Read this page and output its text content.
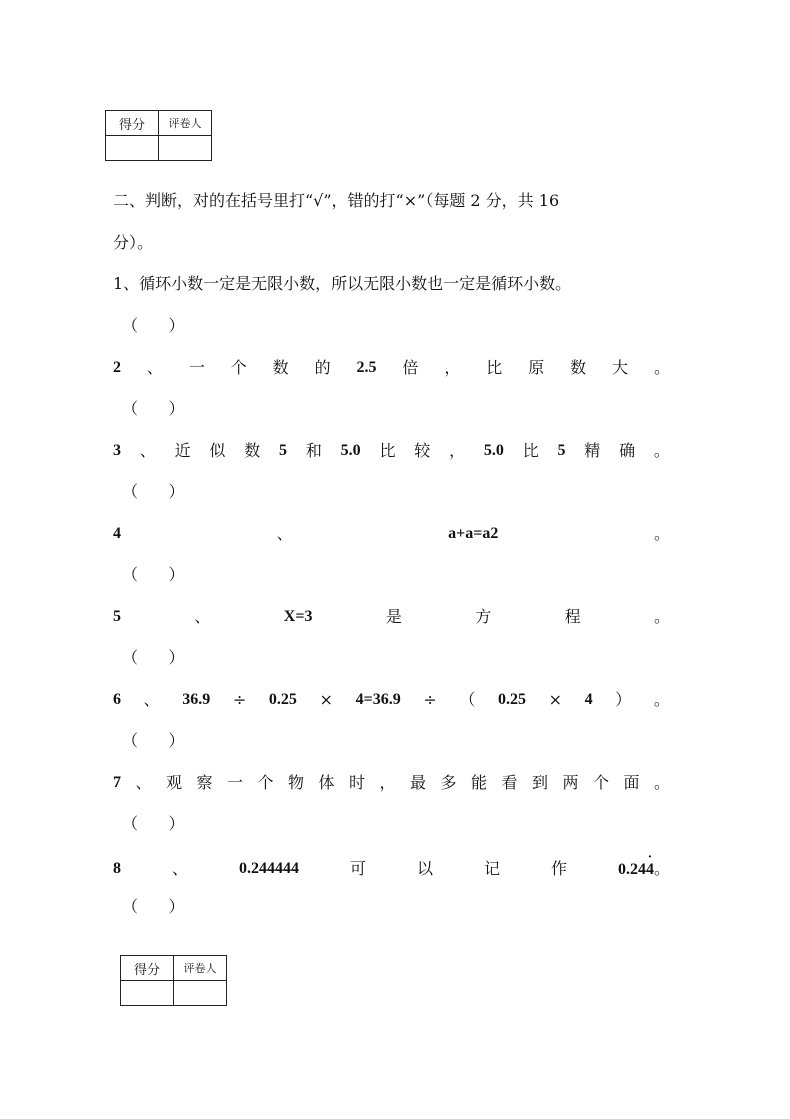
得分	评卷人

二、判断，对的在括号里打“√”，错的打“×”（每题 2 分，共 16
分）。
1、循环小数一定是无限小数，所以无限小数也一定是循环小数。
（      ）
2 、 一 个 数 的 2.5 倍 ， 比 原 数 大 。
（      ）
3 、 近 似 数 5 和 5.0 比 较 ， 5.0 比 5 精 确 。
（      ）
4	、	a+a=a2	。
（      ）
5	、	X=3	是	方	程	。
（      ）
6 、 36.9 ÷ 0.25 × 4=36.9 ÷ （ 0.25 × 4 ） 。
（      ）
7 、 观 察 一 个 物 体 时 ， 最 多 能 看 到 两 个 面 。
（      ）
8	、	0.244444	可	以	记	作	0.24
·
4。
（      ）
得分	评卷人
